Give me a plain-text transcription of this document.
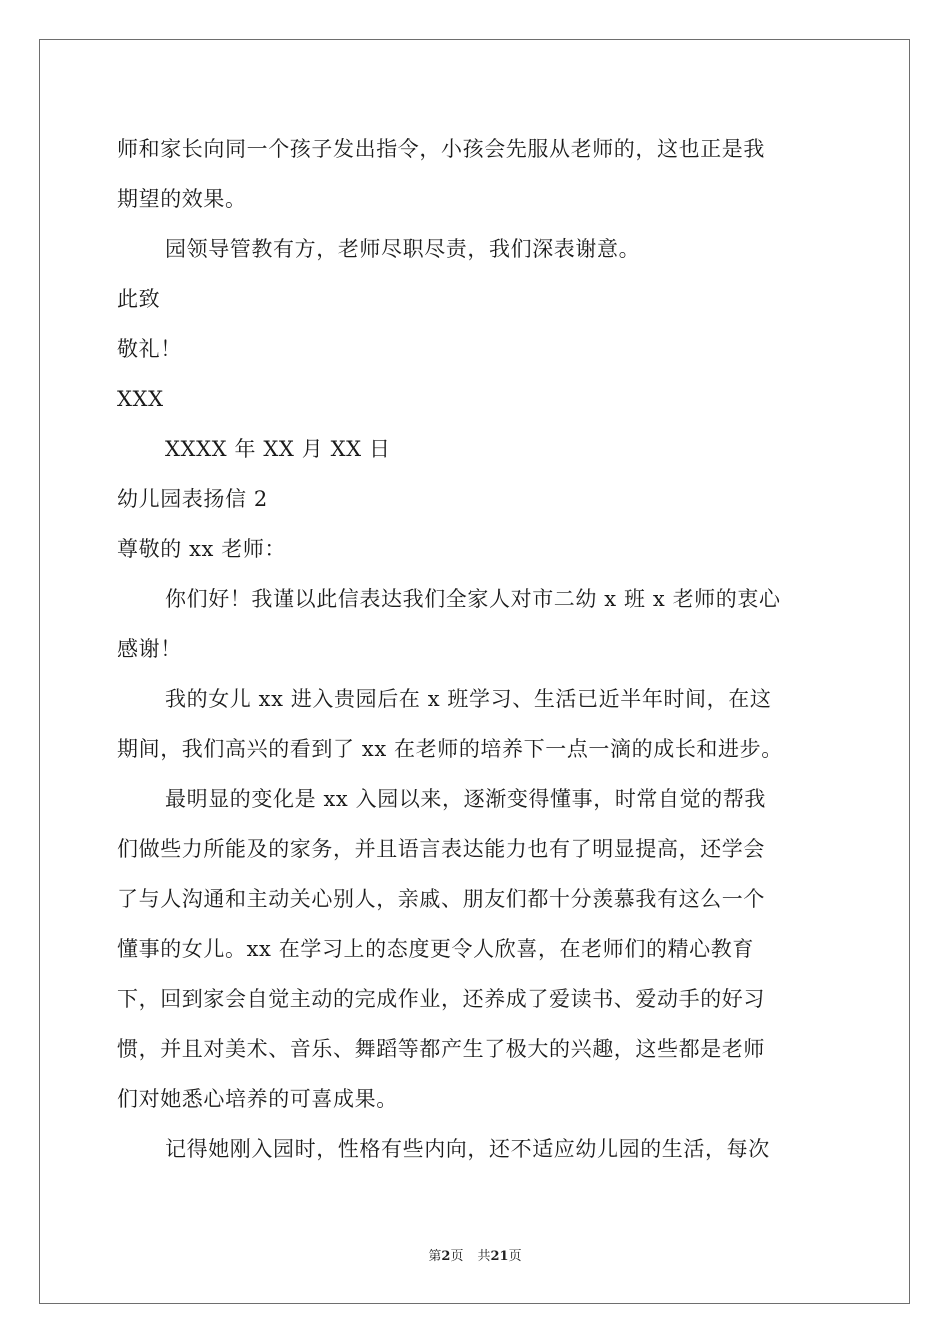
师和家长向同一个孩子发出指令，小孩会先服从老师的，这也正是我
期望的效果。
园领导管教有方，老师尽职尽责，我们深表谢意。
此致
敬礼！
XXX
XXXX 年 XX 月 XX 日
幼儿园表扬信 2
尊敬的 xx 老师：
你们好！我谨以此信表达我们全家人对市二幼 x 班 x 老师的衷心
感谢！
我的女儿 xx 进入贵园后在 x 班学习、生活已近半年时间，在这
期间，我们高兴的看到了 xx 在老师的培养下一点一滴的成长和进步。
最明显的变化是 xx 入园以来，逐渐变得懂事，时常自觉的帮我
们做些力所能及的家务，并且语言表达能力也有了明显提高，还学会
了与人沟通和主动关心别人，亲戚、朋友们都十分羡慕我有这么一个
懂事的女儿。xx 在学习上的态度更令人欣喜，在老师们的精心教育
下，回到家会自觉主动的完成作业，还养成了爱读书、爱动手的好习
惯，并且对美术、音乐、舞蹈等都产生了极大的兴趣，这些都是老师
们对她悉心培养的可喜成果。
记得她刚入园时，性格有些内向，还不适应幼儿园的生活，每次
第2页 共21页
